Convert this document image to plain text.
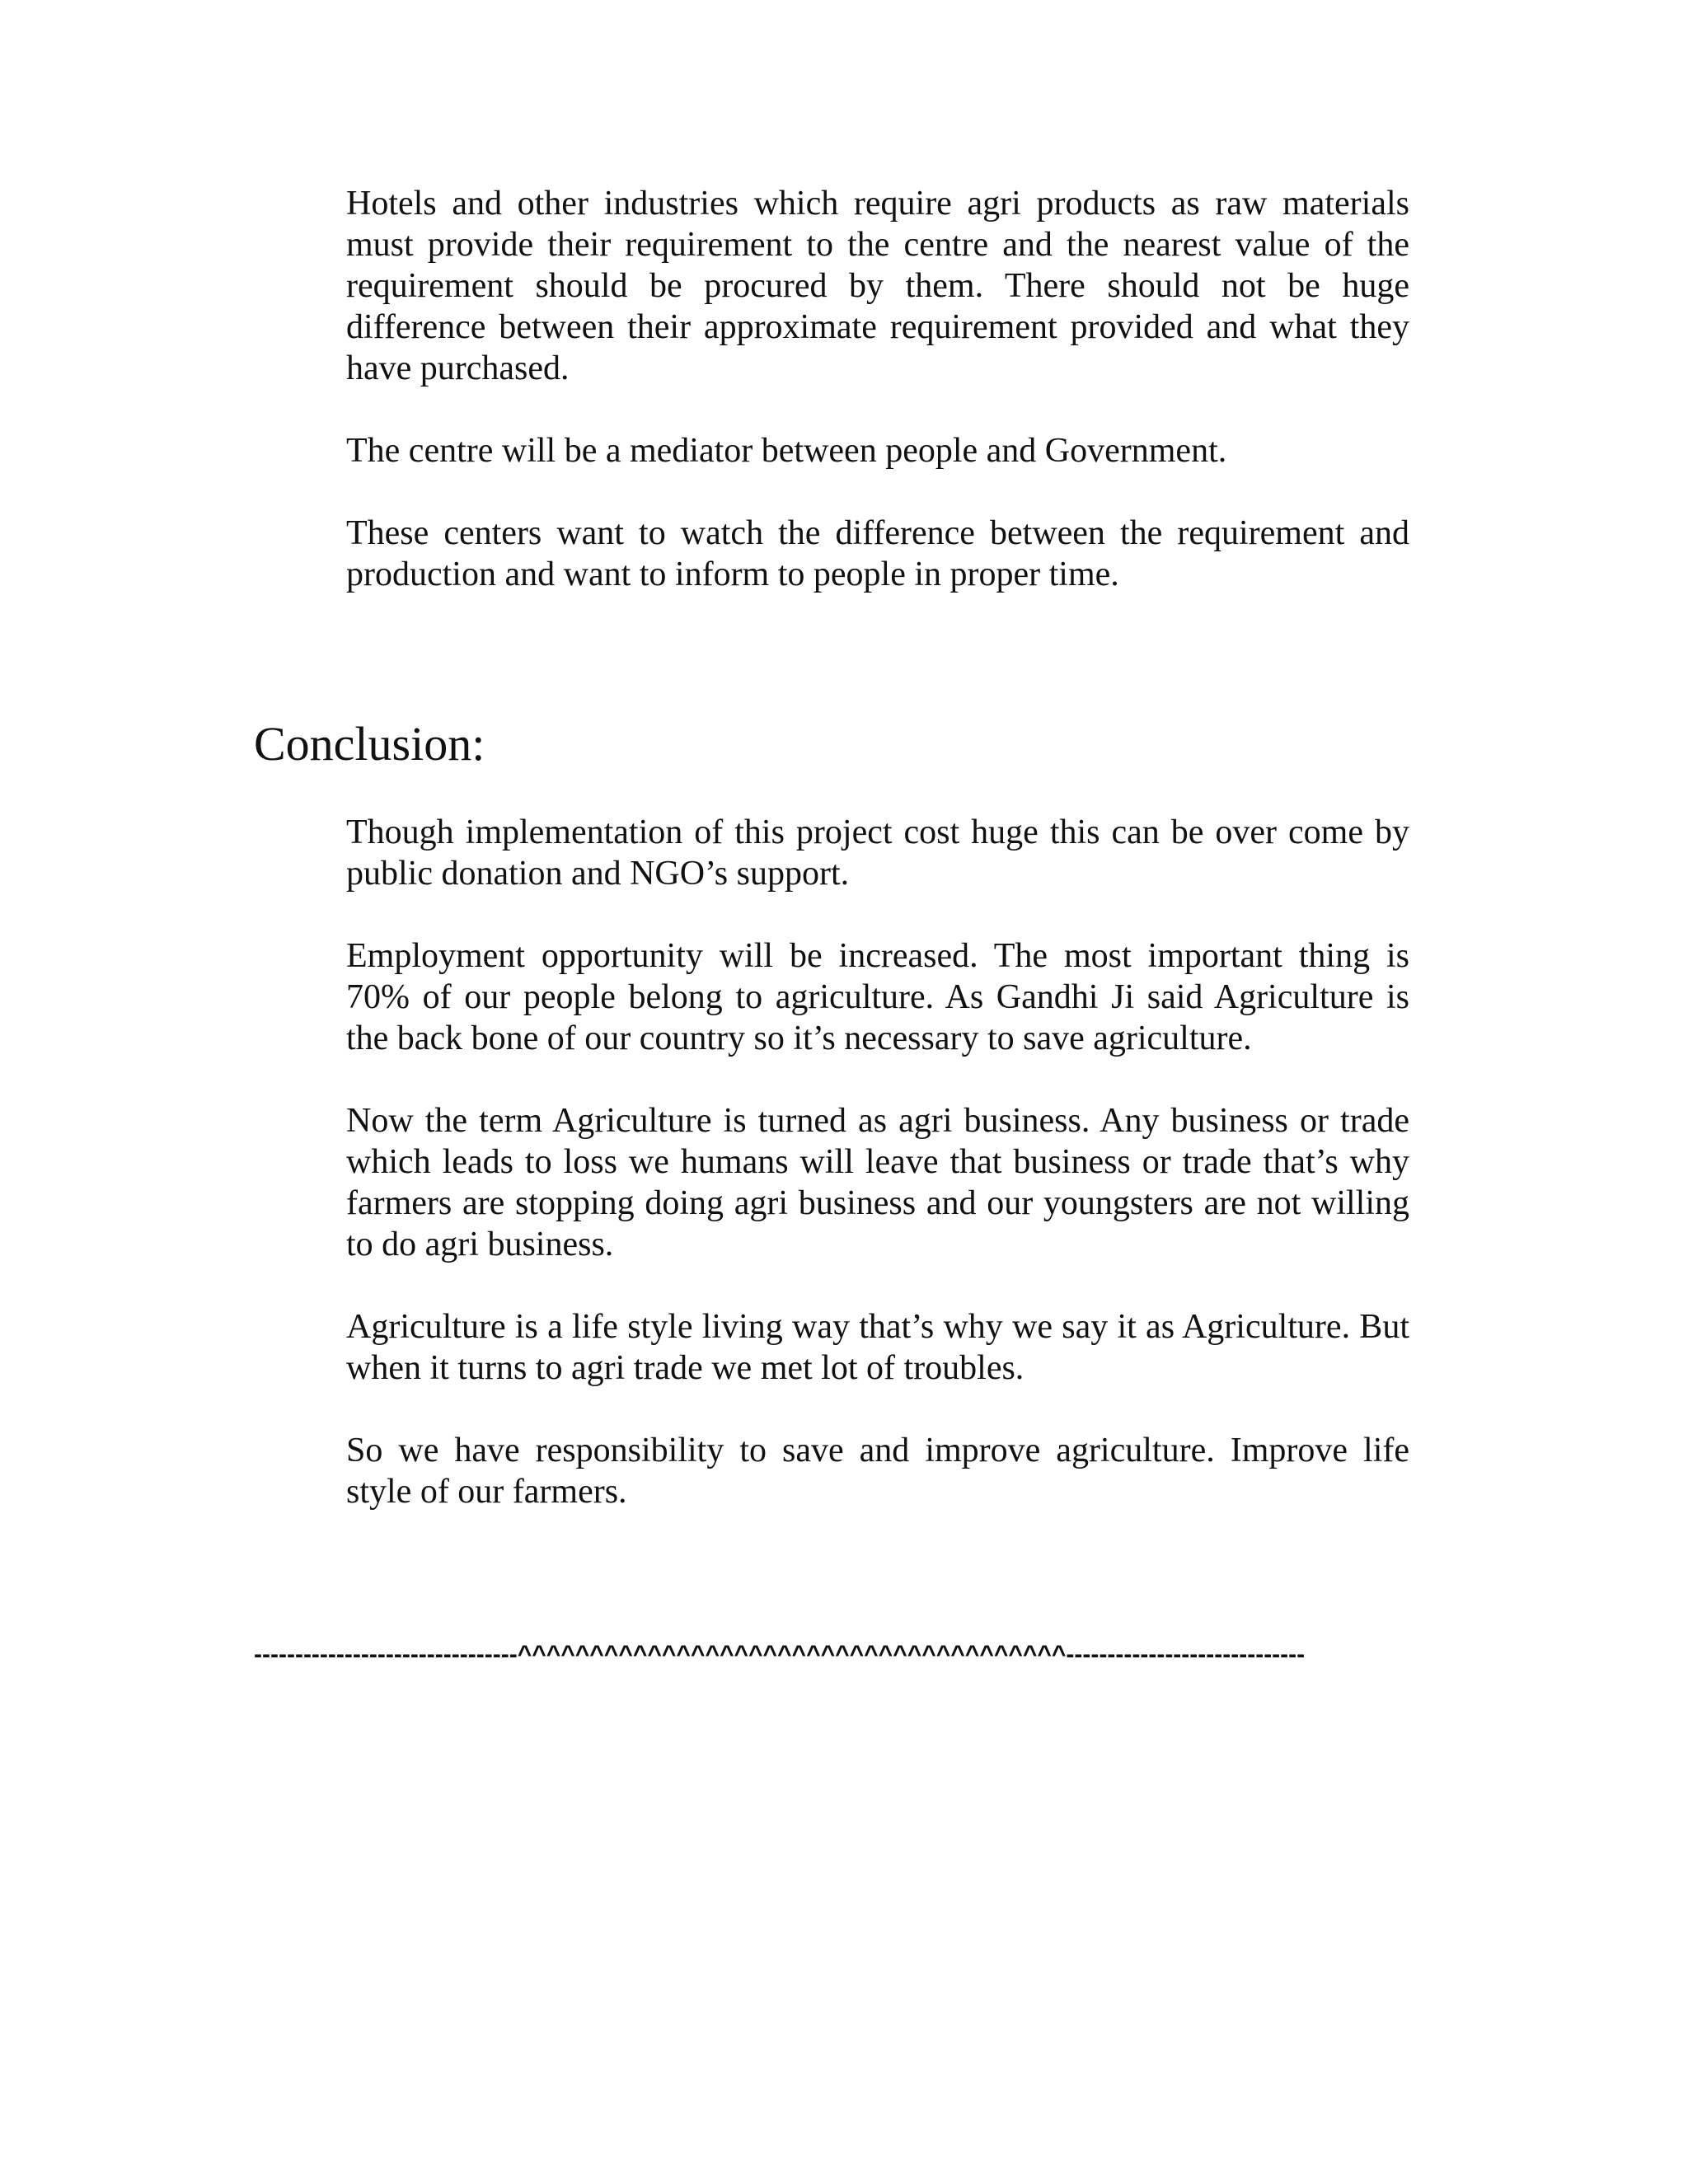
Hotels and other industries which require agri products as raw materials must provide their requirement to the centre and the nearest value of the requirement should be procured by them. There should not be huge difference between their approximate requirement provided and what they have purchased.

The centre will be a mediator between people and Government.

These centers want to watch the difference between the requirement and production and want to inform to people in proper time.

Conclusion:

Though implementation of this project cost huge this can be over come by public donation and NGO’s support.

Employment opportunity will be increased. The most important thing is 70% of our people belong to agriculture. As Gandhi Ji said Agriculture is the back bone of our country so it’s necessary to save agriculture.

Now the term Agriculture is turned as agri business. Any business or trade which leads to loss we humans will leave that business or trade that’s why farmers are stopping doing agri business and our youngsters are not willing to do agri business.

Agriculture is a life style living way that’s why we say it as Agriculture. But when it turns to agri trade we met lot of troubles.

So we have responsibility to save and improve agriculture. Improve life style of our farmers.

--------------------------------^^^^^^^^^^^^^^^^^^^^^^^^^^^^^^^^^^^^^^-----------------------------
